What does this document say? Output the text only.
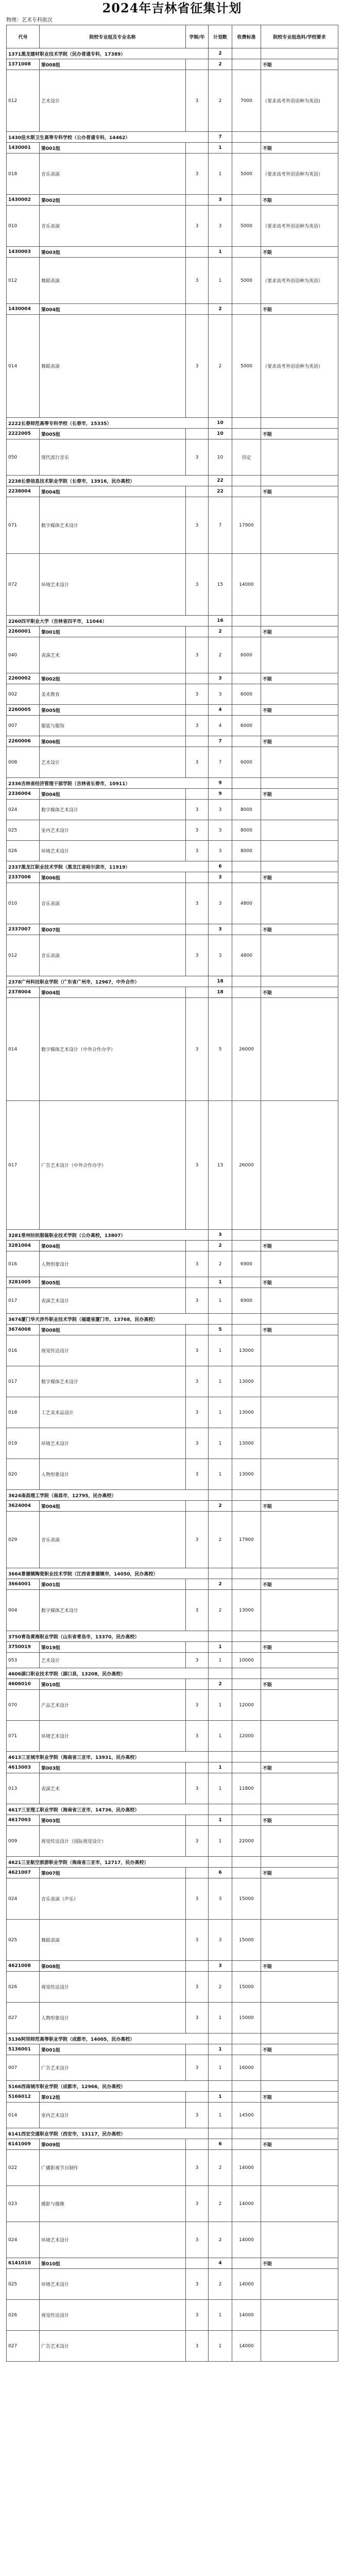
2024年吉林省征集计划
物理：艺术专科批次
代号	院校专业组及专业名称	学制/年	计划数	收费标准	院校专业组选科/学校要求
1371黑龙建材职业技术学院（民办普通专科，17389）			2		
1371008	第008组		2		不限
012	艺术设计	3	2	7000	（要求高考外语语种为英语)
1430佳木斯卫生高等专科学校（公办普通专科，14462）			7		
1430001	第001组		1		不限
018	音乐表演	3	1	5000	（要求高考外语语种为英语）
1430002	第002组		3		不限
010	音乐表演	3	3	5000	（要求高考外语语种为英语）
1430003	第003组		1		不限
012	舞蹈表演	3	1	5000	（要求高考外语语种为英语）
1430004	第004组		2		不限
014	舞蹈表演	3	2	5000	（要求高考外语语种为英语）
2222长春师范高等专科学校（长春市，15335）			10		
2222005	第005组		10		不限
050	现代流行音乐	3	10	待定	
2238长春信息技术职业学院（长春市，13916，民办高校）			22		
2238004	第004组		22		不限
071	数字媒体艺术设计	3	7	17900	
072	环境艺术设计	3	15	14000	
2260四平职业大学（吉林省四平市，11044）			16		
2260001	第001组		2		不限
040	表演艺术	3	2	6000	
2260002	第002组		3		不限
002	美术教育	3	3	6000	
2260005	第005组		4		不限
007	服装与服饰	3	4	6000	
2260006	第006组		7		不限
008	艺术设计	3	7	6000	
2336吉林省经济管理干部学院（吉林省长春市，10911）			9		
2336004	第004组		9		不限
024	数字媒体艺术设计	3	3	8000	
025	室内艺术设计	3	3	8000	
026	环境艺术设计	3	3	8000	
2337黑龙江职业技术学院（黑龙江省哈尔滨市，11919）			6		
2337006	第006组		3		不限
010	音乐表演	3	3	4800	
2337007	第007组		3		不限
012	音乐表演	3	3	4800	
2378广州科技职业学院（广东省广州市，12967，中外合作）			18		
2378004	第004组		18		不限
014	数字媒体艺术设计（中外合作办学）	3	5	26000	
017	广告艺术设计（中外合作办学）	3	13	26000	
3281常州纺织服装职业技术学院（公办高校，13807）			3		
3281004	第004组		2		不限
016	人物形象设计	3	2	6900	
3281005	第005组		1		不限
017	表演艺术设计	3	1	6900	
3674厦门华天涉外职业技术学院（福建省厦门市，13768，民办高校）					
3674008	第008组		5		不限
016	视觉传达设计	3	1	13000	
017	数字媒体艺术设计	3	1	13000	
018	工艺美术品设计	3	1	13000	
019	环境艺术设计	3	1	13000	
020	人物形象设计	3	1	13000	
3624南昌理工学院（南昌市，12795，民办高校）					
3624004	第004组		2		不限
029	音乐表演	3	2	17900	
3664景德镇陶瓷职业技术学院（江西省景德镇市，14050，民办高校）					
3664001	第001组		2		不限
004	数字媒体艺术设计	3	2	13000	
3750青岛黄海职业学院（山东省青岛市，13370，民办高校）					
3750019	第019组		1		不限
053	艺术设计	3	1	10000	
4606湖口职业技术学院（湖口县，13208，民办高校）					
4606010	第010组		2		不限
070	产品艺术设计	3	1	12000	
071	环境艺术设计	3	1	12000	
4613三亚城市职业学院（海南省三亚市，13931，民办高校）					
4613003	第003组		1		不限
013	表演艺术	3	1	11800	
4617三亚理工职业学院（海南省三亚市，14736，民办高校）					
4617003	第003组		1		不限
009	视觉传达设计（国际视觉设计）	3	1	22000	
4621三亚航空旅游职业学院（海南省三亚市，12717，民办高校）					
4621007	第007组		6		不限
024	音乐表演（声乐）	3	3	15000	
025	舞蹈表演	3	3	15000	
4621008	第008组		3		不限
026	视觉传达设计	3	2	15000	
027	人物形象设计	3	1	15000	
5136阿坝师范高等职业学院（成都市，14005，民办高校）					
5136001	第001组		1		不限
007	广告艺术设计	3	1	16000	
5166西南城市职业学院（成都市，12966，民办高校）					
5166012	第012组		1		不限
014	室内艺术设计	3	1	14500	
6141西安交通职业学院（西安市，13117，民办高校）					
6141009	第009组		6		不限
022	广播影视节目制作	3	2	14000	
023	摄影与摄像	3	2	14000	
024	环境艺术设计	3	2	14000	
6141010	第010组		4		不限
025	环境艺术设计	3	2	14000	
026	视觉传达设计	3	1	14000	
027	广告艺术设计	3	1	14000	
